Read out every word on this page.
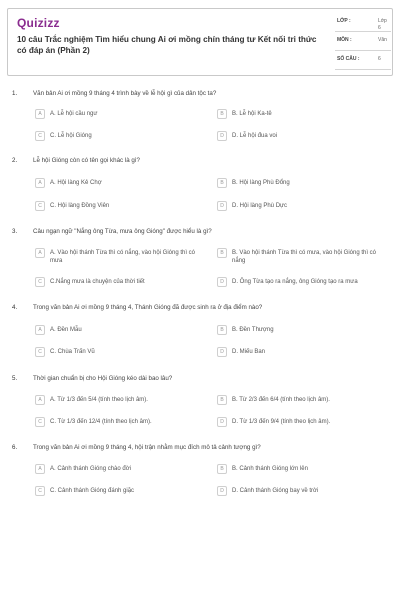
Quizizz
10 câu Trắc nghiệm Tìm hiểu chung Ai ơi mồng chín tháng tư Kết nối tri thức có đáp án (Phần 2)
LỚP :	Lớp 6
MÔN :	Văn
SỐ CÂU :	6
1.	Văn bản Ai ơi mồng 9 tháng 4 trình bày về lễ hội gì của dân tộc ta?
A	A. Lễ hội cầu ngư	B	B. Lễ hội Ka-tê
C	C. Lễ hội Gióng	D	D. Lễ hội đua voi
2.	Lễ hội Gióng còn có tên gọi khác là gì?
A	A. Hội làng Kẻ Chợ	B	B. Hội làng Phù Đổng
C	C. Hội làng Đồng Viên	D	D. Hội làng Phù Dực
3.	Câu ngạn ngữ "Nắng ông Từa, mưa ông Gióng" được hiểu là gì?
A	A. Vào hội thánh Từa thì có nắng, vào hội Gióng thì có mưa
B	B. Vào hội thánh Từa thì có mưa, vào hội Gióng thì có nắng
C	C.Nắng mưa là chuyện của thời tiết	D	D. Ông Từa tạo ra nắng, ông Gióng tạo ra mưa
4.	Trong văn bản Ai ơi mồng 9 tháng 4, Thánh Gióng đã được sinh ra ở địa điểm nào?
A	A. Đền Mẫu	B	B. Đền Thượng
C	C. Chùa Trấn Vũ	D	D. Miếu Ban
5.	Thời gian chuẩn bị cho Hội Gióng kéo dài bao lâu?
A	A. Từ 1/3 đến 5/4 (tính theo lịch âm).	B	B. Từ 2/3 đến 6/4 (tính theo lịch âm).
C	C. Từ 1/3 đến 12/4 (tính theo lịch âm).	D	D. Từ 1/3 đến 9/4 (tính theo lịch âm).
6.	Trong văn bản Ai ơi mồng 9 tháng 4, hội trận nhằm mục đích mô tả cảnh tượng gì?
A	A. Cảnh thánh Gióng chào đời	B	B. Cảnh thánh Gióng lớn lên
C	C. Cảnh thánh Gióng đánh giặc	D	D. Cảnh thánh Gióng bay về trời
